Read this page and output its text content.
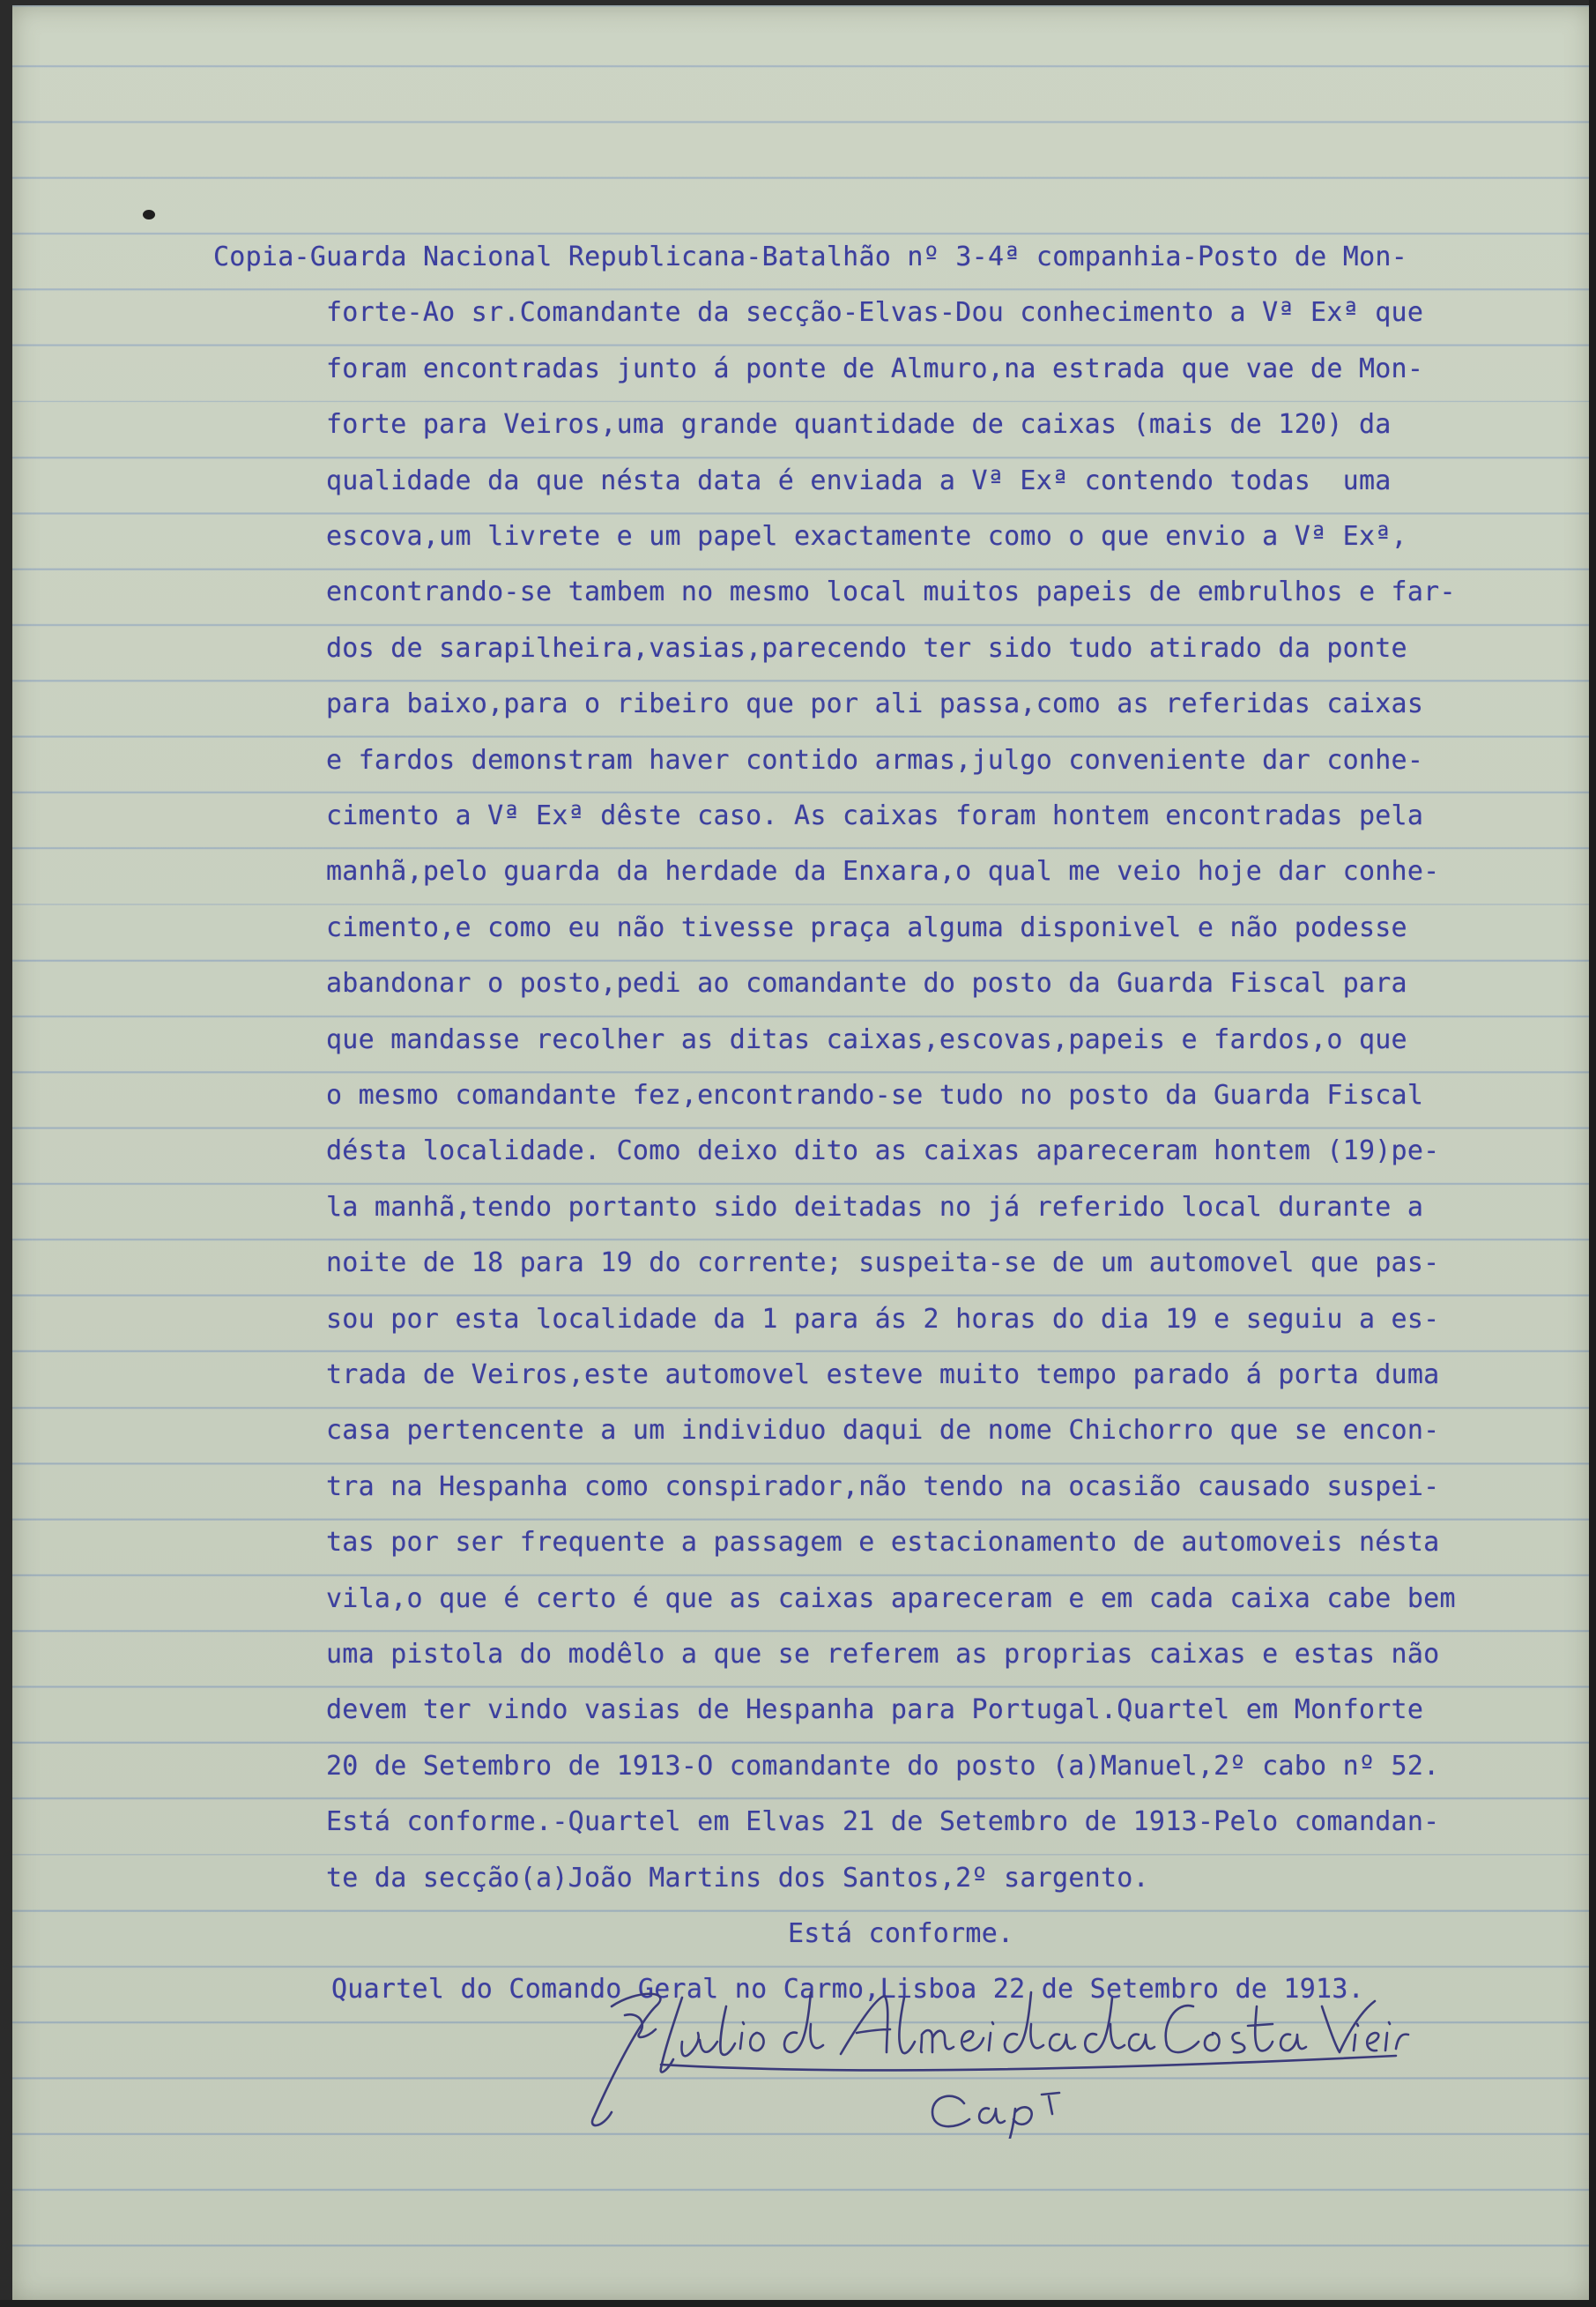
Copia-Guarda Nacional Republicana-Batalhão nº 3-4ª companhia-Posto de Mon-

forte-Ao sr.Comandante da secção-Elvas-Dou conhecimento a Vª Exª que

foram encontradas junto á ponte de Almuro,na estrada que vae de Mon-

forte para Veiros,uma grande quantidade de caixas (mais de 120) da

qualidade da que nésta data é enviada a Vª Exª contendo todas  uma

escova,um livrete e um papel exactamente como o que envio a Vª Exª,

encontrando-se tambem no mesmo local muitos papeis de embrulhos e far-

dos de sarapilheira,vasias,parecendo ter sido tudo atirado da ponte

para baixo,para o ribeiro que por ali passa,como as referidas caixas

e fardos demonstram haver contido armas,julgo conveniente dar conhe-

cimento a Vª Exª dêste caso. As caixas foram hontem encontradas pela

manhã,pelo guarda da herdade da Enxara,o qual me veio hoje dar conhe-

cimento,e como eu não tivesse praça alguma disponivel e não podesse

abandonar o posto,pedi ao comandante do posto da Guarda Fiscal para

que mandasse recolher as ditas caixas,escovas,papeis e fardos,o que

o mesmo comandante fez,encontrando-se tudo no posto da Guarda Fiscal

désta localidade. Como deixo dito as caixas apareceram hontem (19)pe-

la manhã,tendo portanto sido deitadas no já referido local durante a

noite de 18 para 19 do corrente; suspeita-se de um automovel que pas-

sou por esta localidade da 1 para ás 2 horas do dia 19 e seguiu a es-

trada de Veiros,este automovel esteve muito tempo parado á porta duma

casa pertencente a um individuo daqui de nome Chichorro que se encon-

tra na Hespanha como conspirador,não tendo na ocasião causado suspei-

tas por ser frequente a passagem e estacionamento de automoveis nésta

vila,o que é certo é que as caixas apareceram e em cada caixa cabe bem

uma pistola do modêlo a que se referem as proprias caixas e estas não

devem ter vindo vasias de Hespanha para Portugal.Quartel em Monforte

20 de Setembro de 1913-O comandante do posto (a)Manuel,2º cabo nº 52.

Está conforme.-Quartel em Elvas 21 de Setembro de 1913-Pelo comandan-

te da secção(a)João Martins dos Santos,2º sargento.

Está conforme.

Quartel do Comando Geral no Carmo,Lisboa 22 de Setembro de 1913.
